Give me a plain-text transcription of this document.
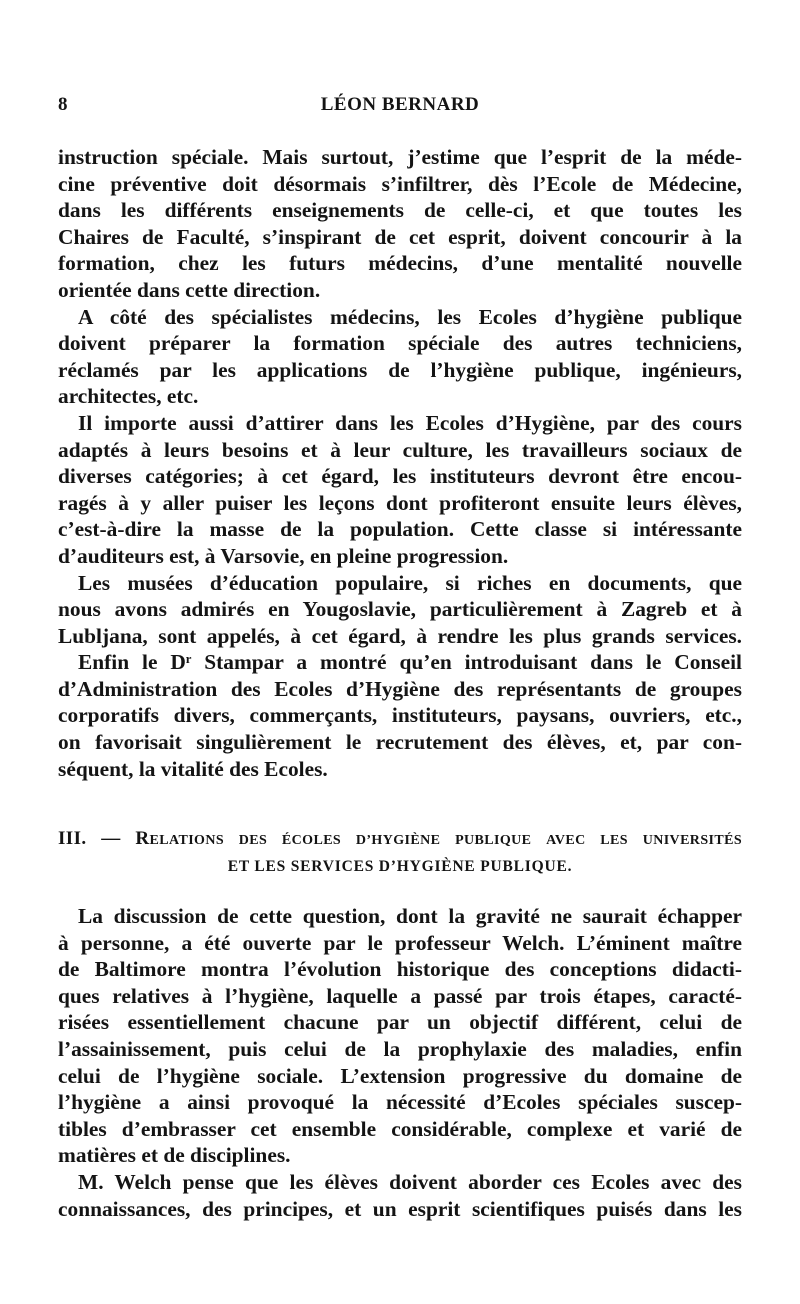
8	LÉON BERNARD
instruction spéciale. Mais surtout, j’estime que l’esprit de la méde-
cine préventive doit désormais s’infiltrer, dès l’Ecole de Médecine,
dans les différents enseignements de celle-ci, et que toutes les
Chaires de Faculté, s’inspirant de cet esprit, doivent concourir à la
formation, chez les futurs médecins, d’une mentalité nouvelle
orientée dans cette direction.
A côté des spécialistes médecins, les Ecoles d’hygiène publique
doivent préparer la formation spéciale des autres techniciens,
réclamés par les applications de l’hygiène publique, ingénieurs,
architectes, etc.
Il importe aussi d’attirer dans les Ecoles d’Hygiène, par des cours
adaptés à leurs besoins et à leur culture, les travailleurs sociaux de
diverses catégories; à cet égard, les instituteurs devront être encou-
ragés à y aller puiser les leçons dont profiteront ensuite leurs élèves,
c’est-à-dire la masse de la population. Cette classe si intéressante
d’auditeurs est, à Varsovie, en pleine progression.
Les musées d’éducation populaire, si riches en documents, que
nous avons admirés en Yougoslavie, particulièrement à Zagreb et à
Lubljana, sont appelés, à cet égard, à rendre les plus grands services.
Enfin le Dʳ Stampar a montré qu’en introduisant dans le Conseil
d’Administration des Ecoles d’Hygiène des représentants de groupes
corporatifs divers, commerçants, instituteurs, paysans, ouvriers, etc.,
on favorisait singulièrement le recrutement des élèves, et, par con-
séquent, la vitalité des Ecoles.
III. — RELATIONS DES ÉCOLES D’HYGIÈNE PUBLIQUE AVEC LES UNIVERSITÉS
ET LES SERVICES D’HYGIÈNE PUBLIQUE.
La discussion de cette question, dont la gravité ne saurait échapper
à personne, a été ouverte par le professeur Welch. L’éminent maître
de Baltimore montra l’évolution historique des conceptions didacti-
ques relatives à l’hygiène, laquelle a passé par trois étapes, caracté-
risées essentiellement chacune par un objectif différent, celui de
l’assainissement, puis celui de la prophylaxie des maladies, enfin
celui de l’hygiène sociale. L’extension progressive du domaine de
l’hygiène a ainsi provoqué la nécessité d’Ecoles spéciales suscep-
tibles d’embrasser cet ensemble considérable, complexe et varié de
matières et de disciplines.
M. Welch pense que les élèves doivent aborder ces Ecoles avec des
connaissances, des principes, et un esprit scientifiques puisés dans les
